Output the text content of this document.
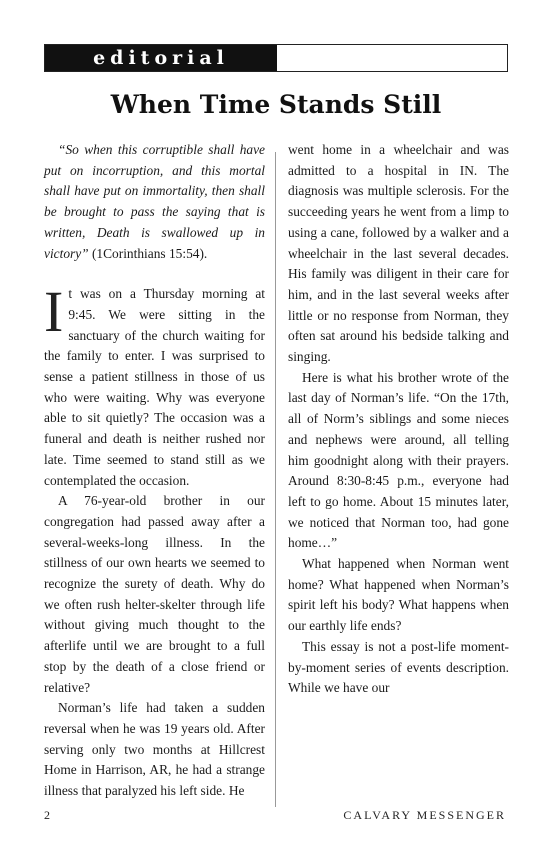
editorial
When Time Stands Still

“So when this corruptible shall have put on incorruption, and this mortal shall have put on immortality, then shall be brought to pass the saying that is written, Death is swallowed up in victory” (1Corinthians 15:54).

It was on a Thursday morning at 9:45. We were sitting in the sanctuary of the church waiting for the family to enter. I was surprised to sense a patient stillness in those of us who were waiting. Why was everyone able to sit quietly? The occasion was a funeral and death is neither rushed nor late. Time seemed to stand still as we contemplated the occasion.

A 76-year-old brother in our congregation had passed away after a several-weeks-long illness. In the stillness of our own hearts we seemed to recognize the surety of death. Why do we often rush helter-skelter through life without giving much thought to the afterlife until we are brought to a full stop by the death of a close friend or relative?

Norman’s life had taken a sudden reversal when he was 19 years old. After serving only two months at Hillcrest Home in Harrison, AR, he had a strange illness that paralyzed his left side. He

went home in a wheelchair and was admitted to a hospital in IN. The diagnosis was multiple sclerosis. For the succeeding years he went from a limp to using a cane, followed by a walker and a wheelchair in the last several decades. His family was diligent in their care for him, and in the last several weeks after little or no response from Norman, they often sat around his bedside talking and singing.

Here is what his brother wrote of the last day of Norman’s life. “On the 17th, all of Norm’s siblings and some nieces and nephews were around, all telling him goodnight along with their prayers. Around 8:30-8:45 p.m., everyone had left to go home. About 15 minutes later, we noticed that Norman too, had gone home…”

What happened when Norman went home? What happened when Norman’s spirit left his body? What happens when our earthly life ends?

This essay is not a post-life moment-by-moment series of events description. While we have our

2	CALVARY MESSENGER
